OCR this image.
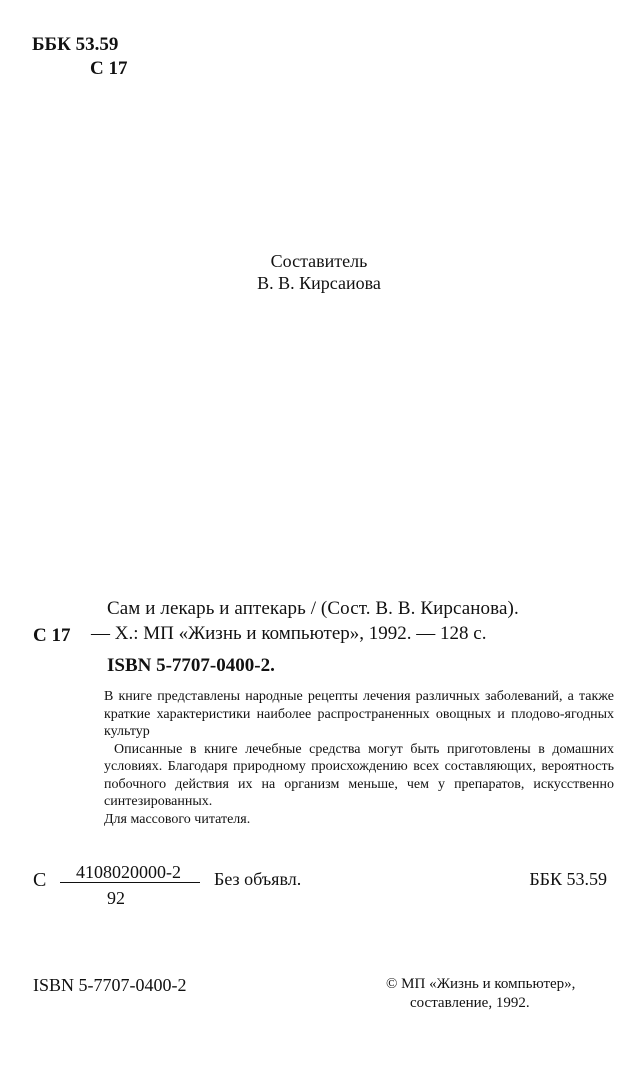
ББК 53.59
С 17
Составитель
В. В. Кирсаиова
Сам и лекарь и аптекарь / (Сост. В. В. Кирсанова).
С 17 — Х.: МП «Жизнь и компьютер», 1992. — 128 с.
ISBN 5-7707-0400-2.

В книге представлены народные рецепты лечения различных заболеваний, а также краткие характеристики наиболее распространенных овощных и плодово-ягодных культур

Описанные в книге лечебные средства могут быть приготовлены в домашних условиях. Благодаря природному происхождению всех составляющих, вероятность побочного действия их на организм меньше, чем у препаратов, искусственно синтезированных.

Для массового читателя.

С 4108020000-2
92
Без объявл.	ББК 53.59
ISBN 5-7707-0400-2	© МП «Жизнь и компьютер»,
составление, 1992.
